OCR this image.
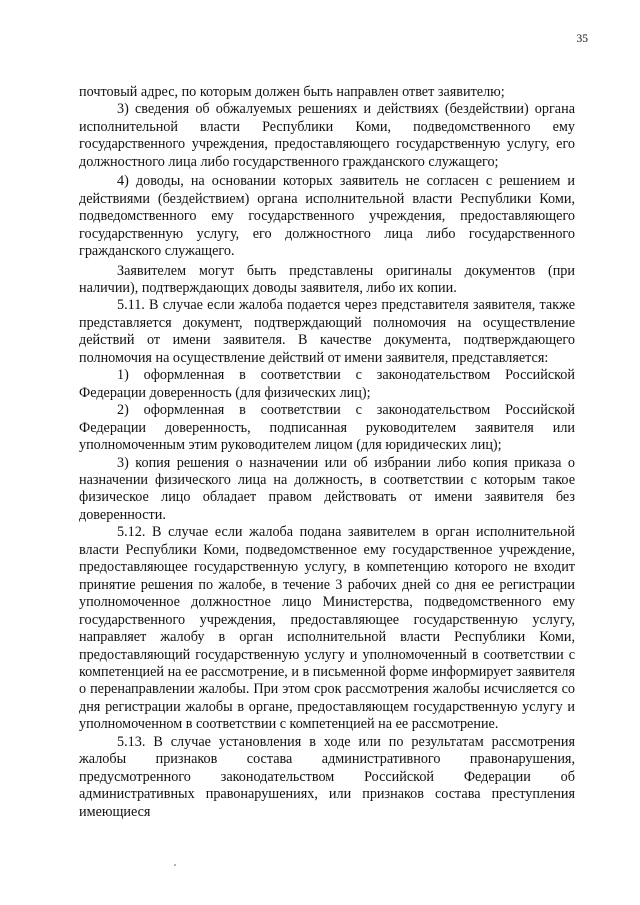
35

почтовый адрес, по которым должен быть направлен ответ заявителю;

3) сведения об обжалуемых решениях и действиях (бездействии) органа исполнительной власти Республики Коми, подведомственного ему государственного учреждения, предоставляющего государственную услугу, его должностного лица либо государственного гражданского служащего;

4) доводы, на основании которых заявитель не согласен с решением и действиями (бездействием) органа исполнительной власти Республики Коми, подведомственного ему государственного учреждения, предоставляющего государственную услугу, его должностного лица либо государственного гражданского служащего.

Заявителем могут быть представлены оригиналы документов (при наличии), подтверждающих доводы заявителя, либо их копии.

5.11. В случае если жалоба подается через представителя заявителя, также представляется документ, подтверждающий полномочия на осуществление действий от имени заявителя. В качестве документа, подтверждающего полномочия на осуществление действий от имени заявителя, представляется:

1) оформленная в соответствии с законодательством Российской Федерации доверенность (для физических лиц);

2) оформленная в соответствии с законодательством Российской Федерации доверенность, подписанная руководителем заявителя или уполномоченным этим руководителем лицом (для юридических лиц);

3) копия решения о назначении или об избрании либо копия приказа о назначении физического лица на должность, в соответствии с которым такое физическое лицо обладает правом действовать от имени заявителя без доверенности.

5.12. В случае если жалоба подана заявителем в орган исполнительной власти Республики Коми, подведомственное ему государственное учреждение, предоставляющее государственную услугу, в компетенцию которого не входит принятие решения по жалобе, в течение 3 рабочих дней со дня ее регистрации уполномоченное должностное лицо Министерства, подведомственного ему государственного учреждения, предоставляющее государственную услугу, направляет жалобу в орган исполнительной власти Республики Коми, предоставляющий государственную услугу и уполномоченный в соответствии с компетенцией на ее рассмотрение, и в письменной форме информирует заявителя о перенаправлении жалобы. При этом срок рассмотрения жалобы исчисляется со дня регистрации жалобы в органе, предоставляющем государственную услугу и уполномоченном в соответствии с компетенцией на ее рассмотрение.

5.13. В случае установления в ходе или по результатам рассмотрения жалобы признаков состава административного правонарушения, предусмотренного законодательством Российской Федерации об административных правонарушениях, или признаков состава преступления имеющиеся
